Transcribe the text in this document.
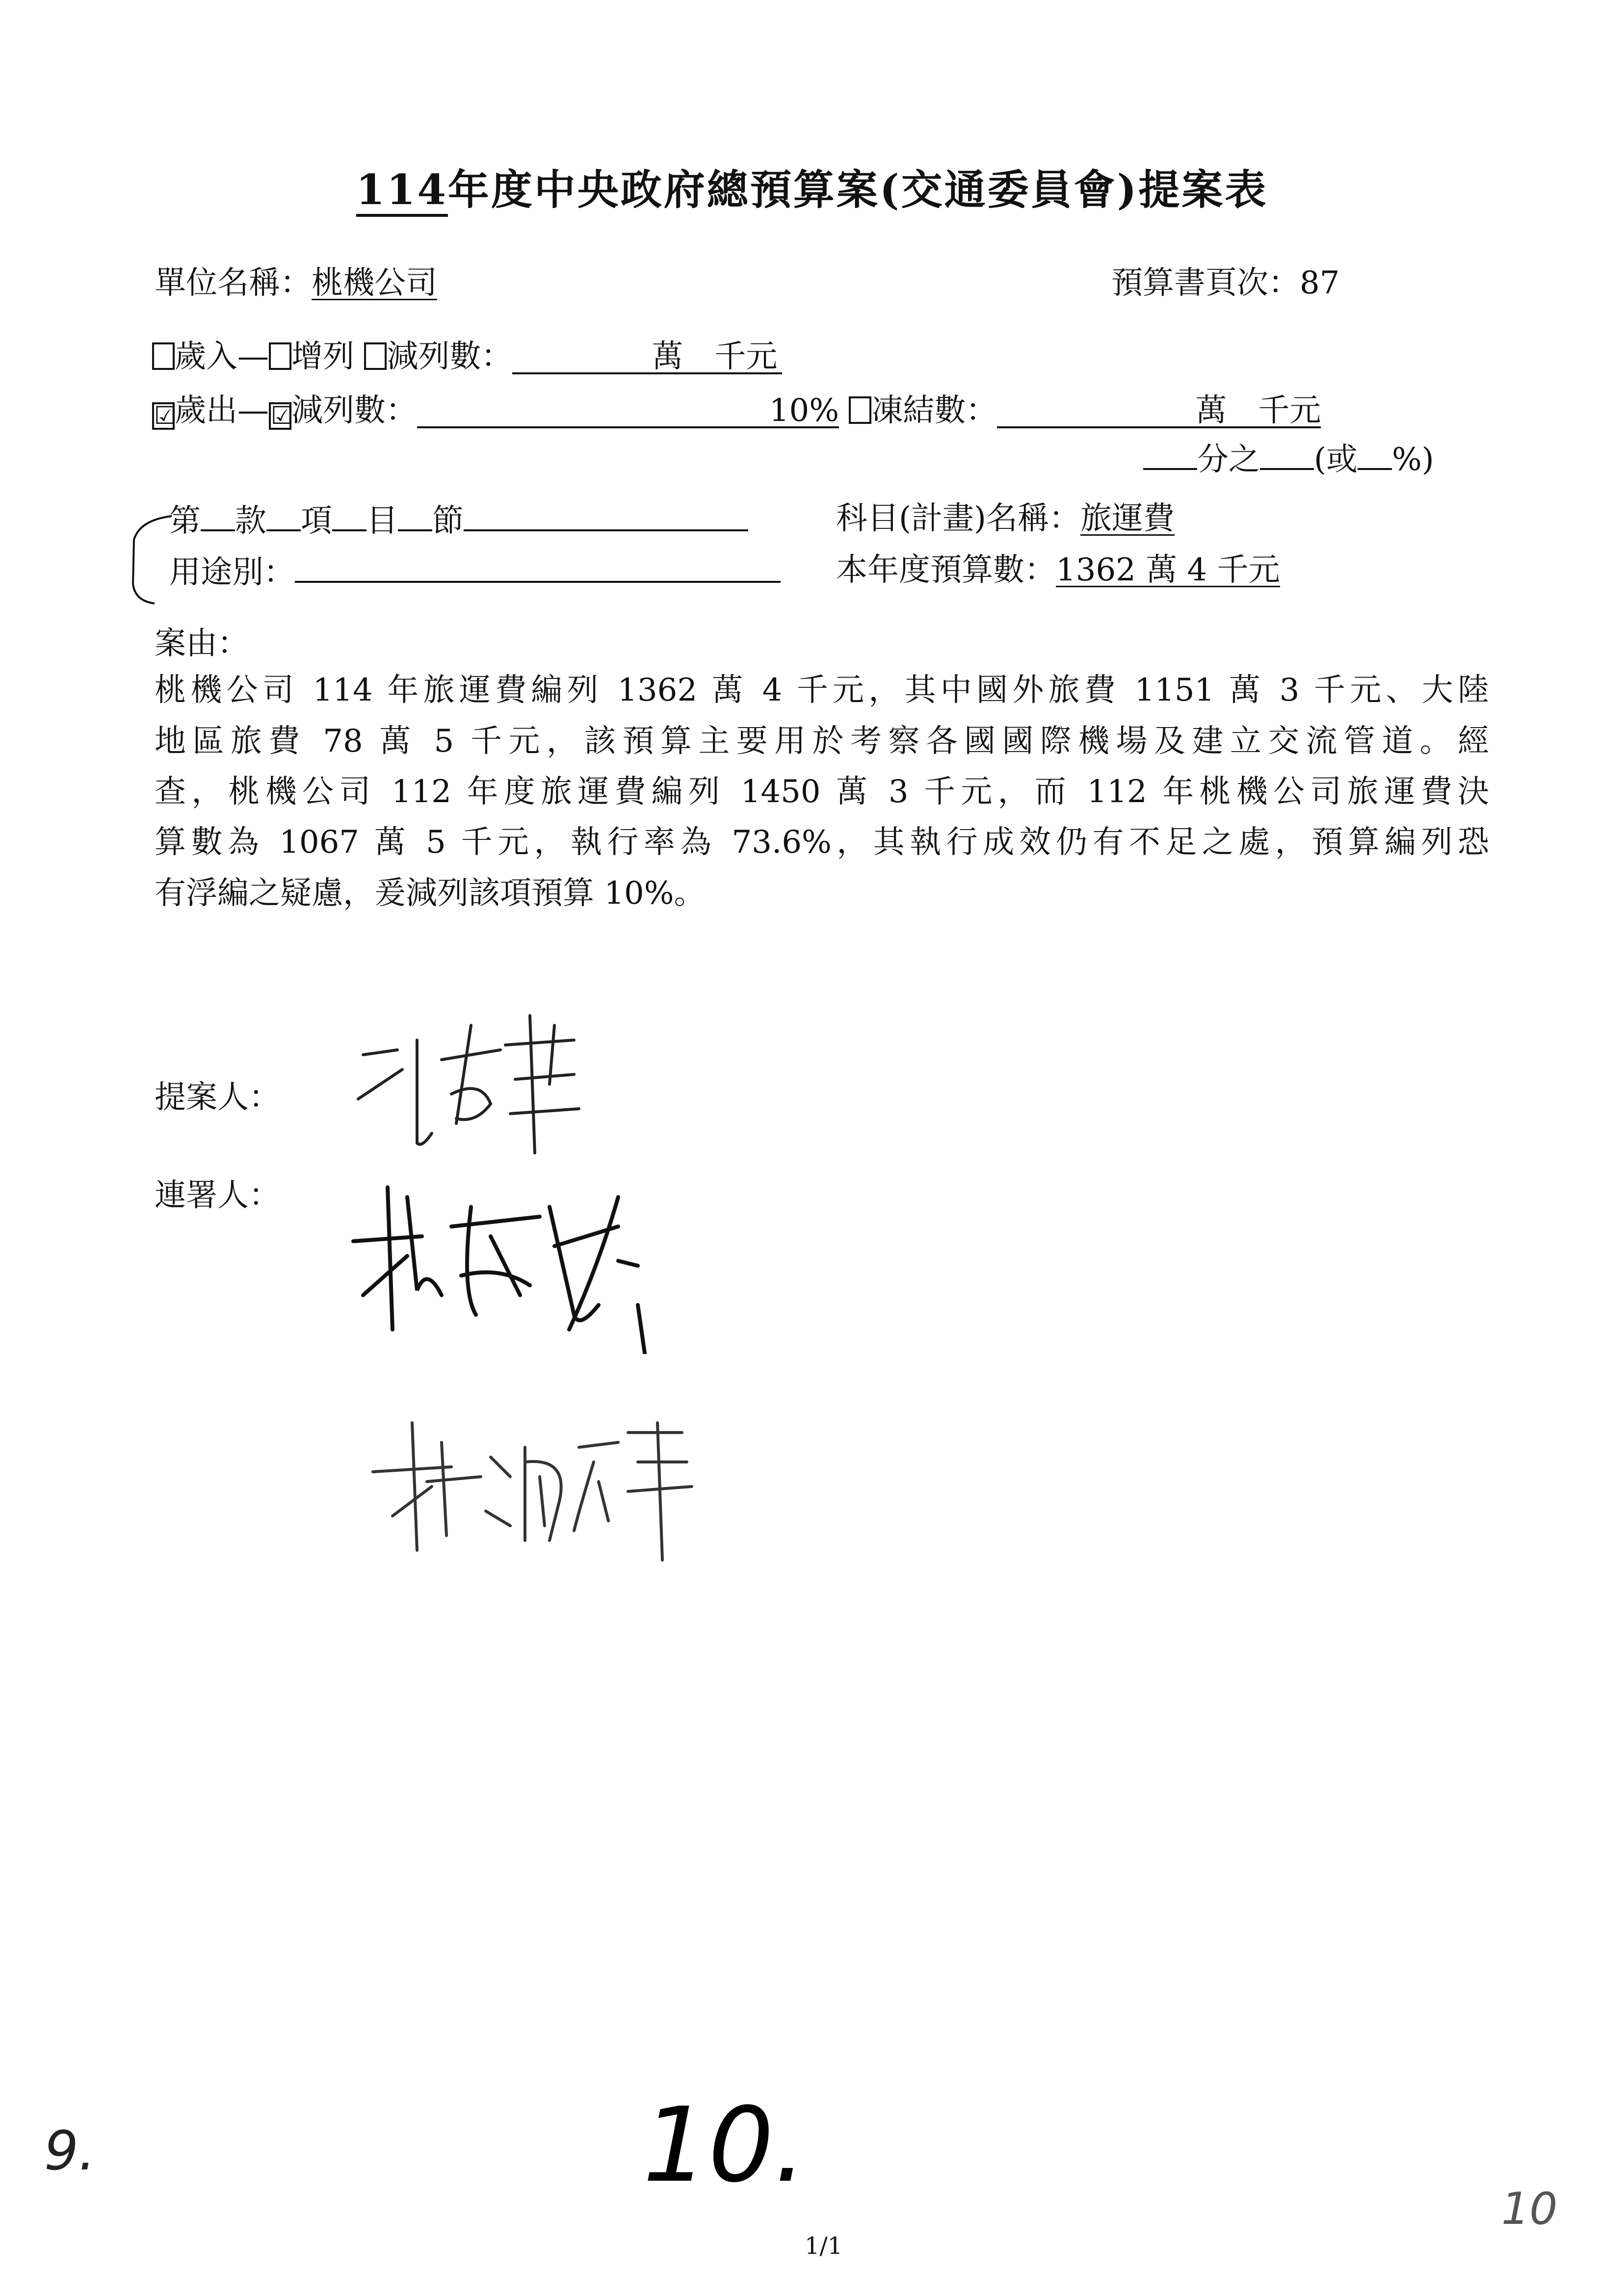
114年度中央政府總預算案(交通委員會)提案表
單位名稱：桃機公司	預算書頁次：87
歲入— 增列 減列數：	萬　千元
☑歲出—☑減列數：	10% 凍結數：	萬　千元
分之 (或 %)
第 款 項 目 節	科目(計畫)名稱：旅運費
用途別：	本年度預算數：1362 萬 4 千元
案由：
桃機公司 114 年旅運費編列 1362 萬 4 千元，其中國外旅費 1151 萬 3 千元、大陸
地區旅費 78 萬 5 千元，該預算主要用於考察各國國際機場及建立交流管道。經
查，桃機公司 112 年度旅運費編列 1450 萬 3 千元，而 112 年桃機公司旅運費決
算數為 1067 萬 5 千元，執行率為 73.6%，其執行成效仍有不足之處，預算編列恐
有浮編之疑慮，爰減列該項預算 10%。
提案人：
連署人：
9.	10.
10
1/1
